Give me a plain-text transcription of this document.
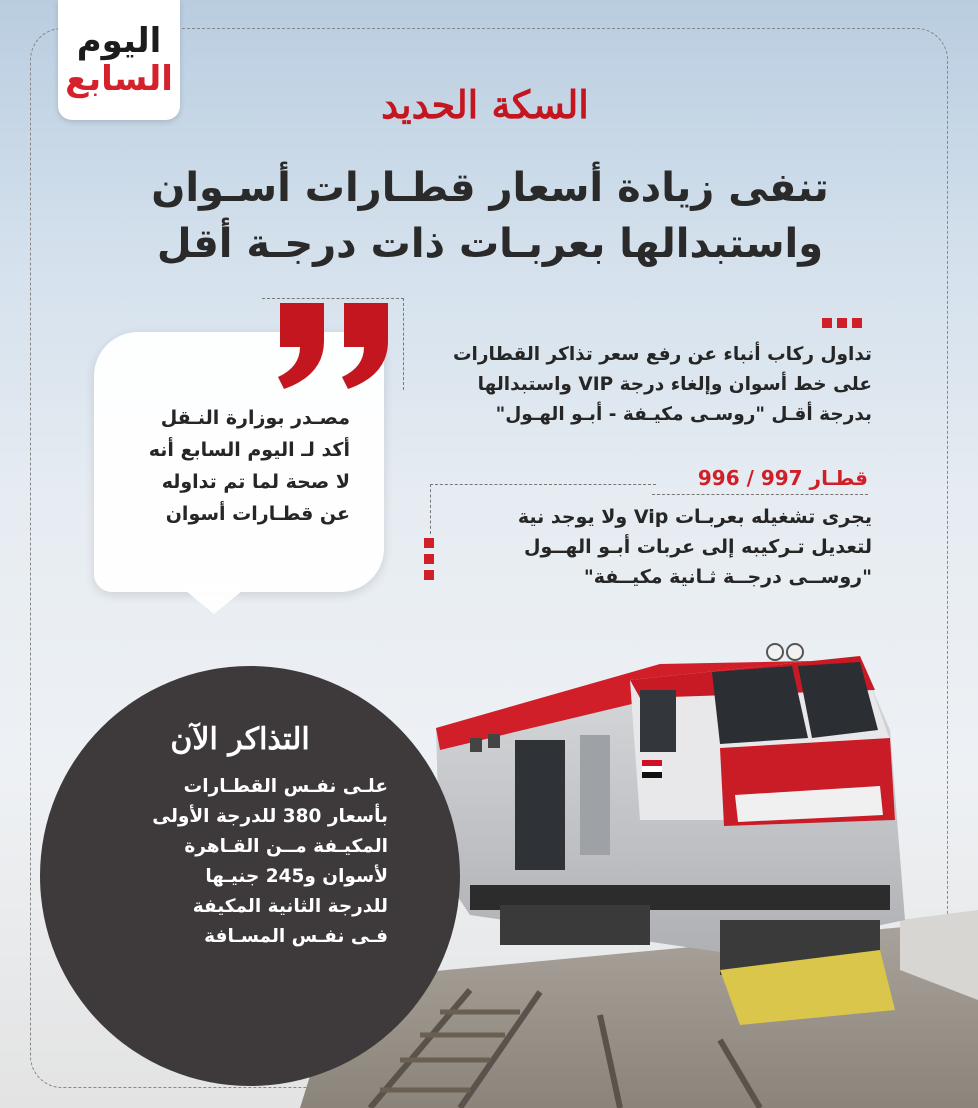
اليوم
السابع
السكة الحديد
تنفى زيادة أسعار قطـارات أسـوان
واستبدالها بعربـات ذات درجـة أقل
مصـدر بوزارة النـقل
أكد لـ اليوم السابع أنه
لا صحة لما تم تداوله
عن قطـارات أسوان
تداول ركاب أنباء عن رفع سعر تذاكر القطارات
على خط أسوان وإلغاء درجة VIP واستبدالها
بدرجة أقـل "روسـى مكيـفة - أبـو الهـول"
قطـار 997 / 996
يجرى تشغيله بعربـات Vip ولا يوجد نية
لتعديل تـركيبه إلى عربات أبـو الهــول
"روســى درجــة ثـانية مكيــفة"
التذاكر الآن
علـى نفـس القطـارات
بأسعار 380 للدرجة الأولى
المكيـفة مــن القـاهرة
لأسوان و245 جنيـها
للدرجة الثانية المكيفة
فـى نفـس المسـافة
